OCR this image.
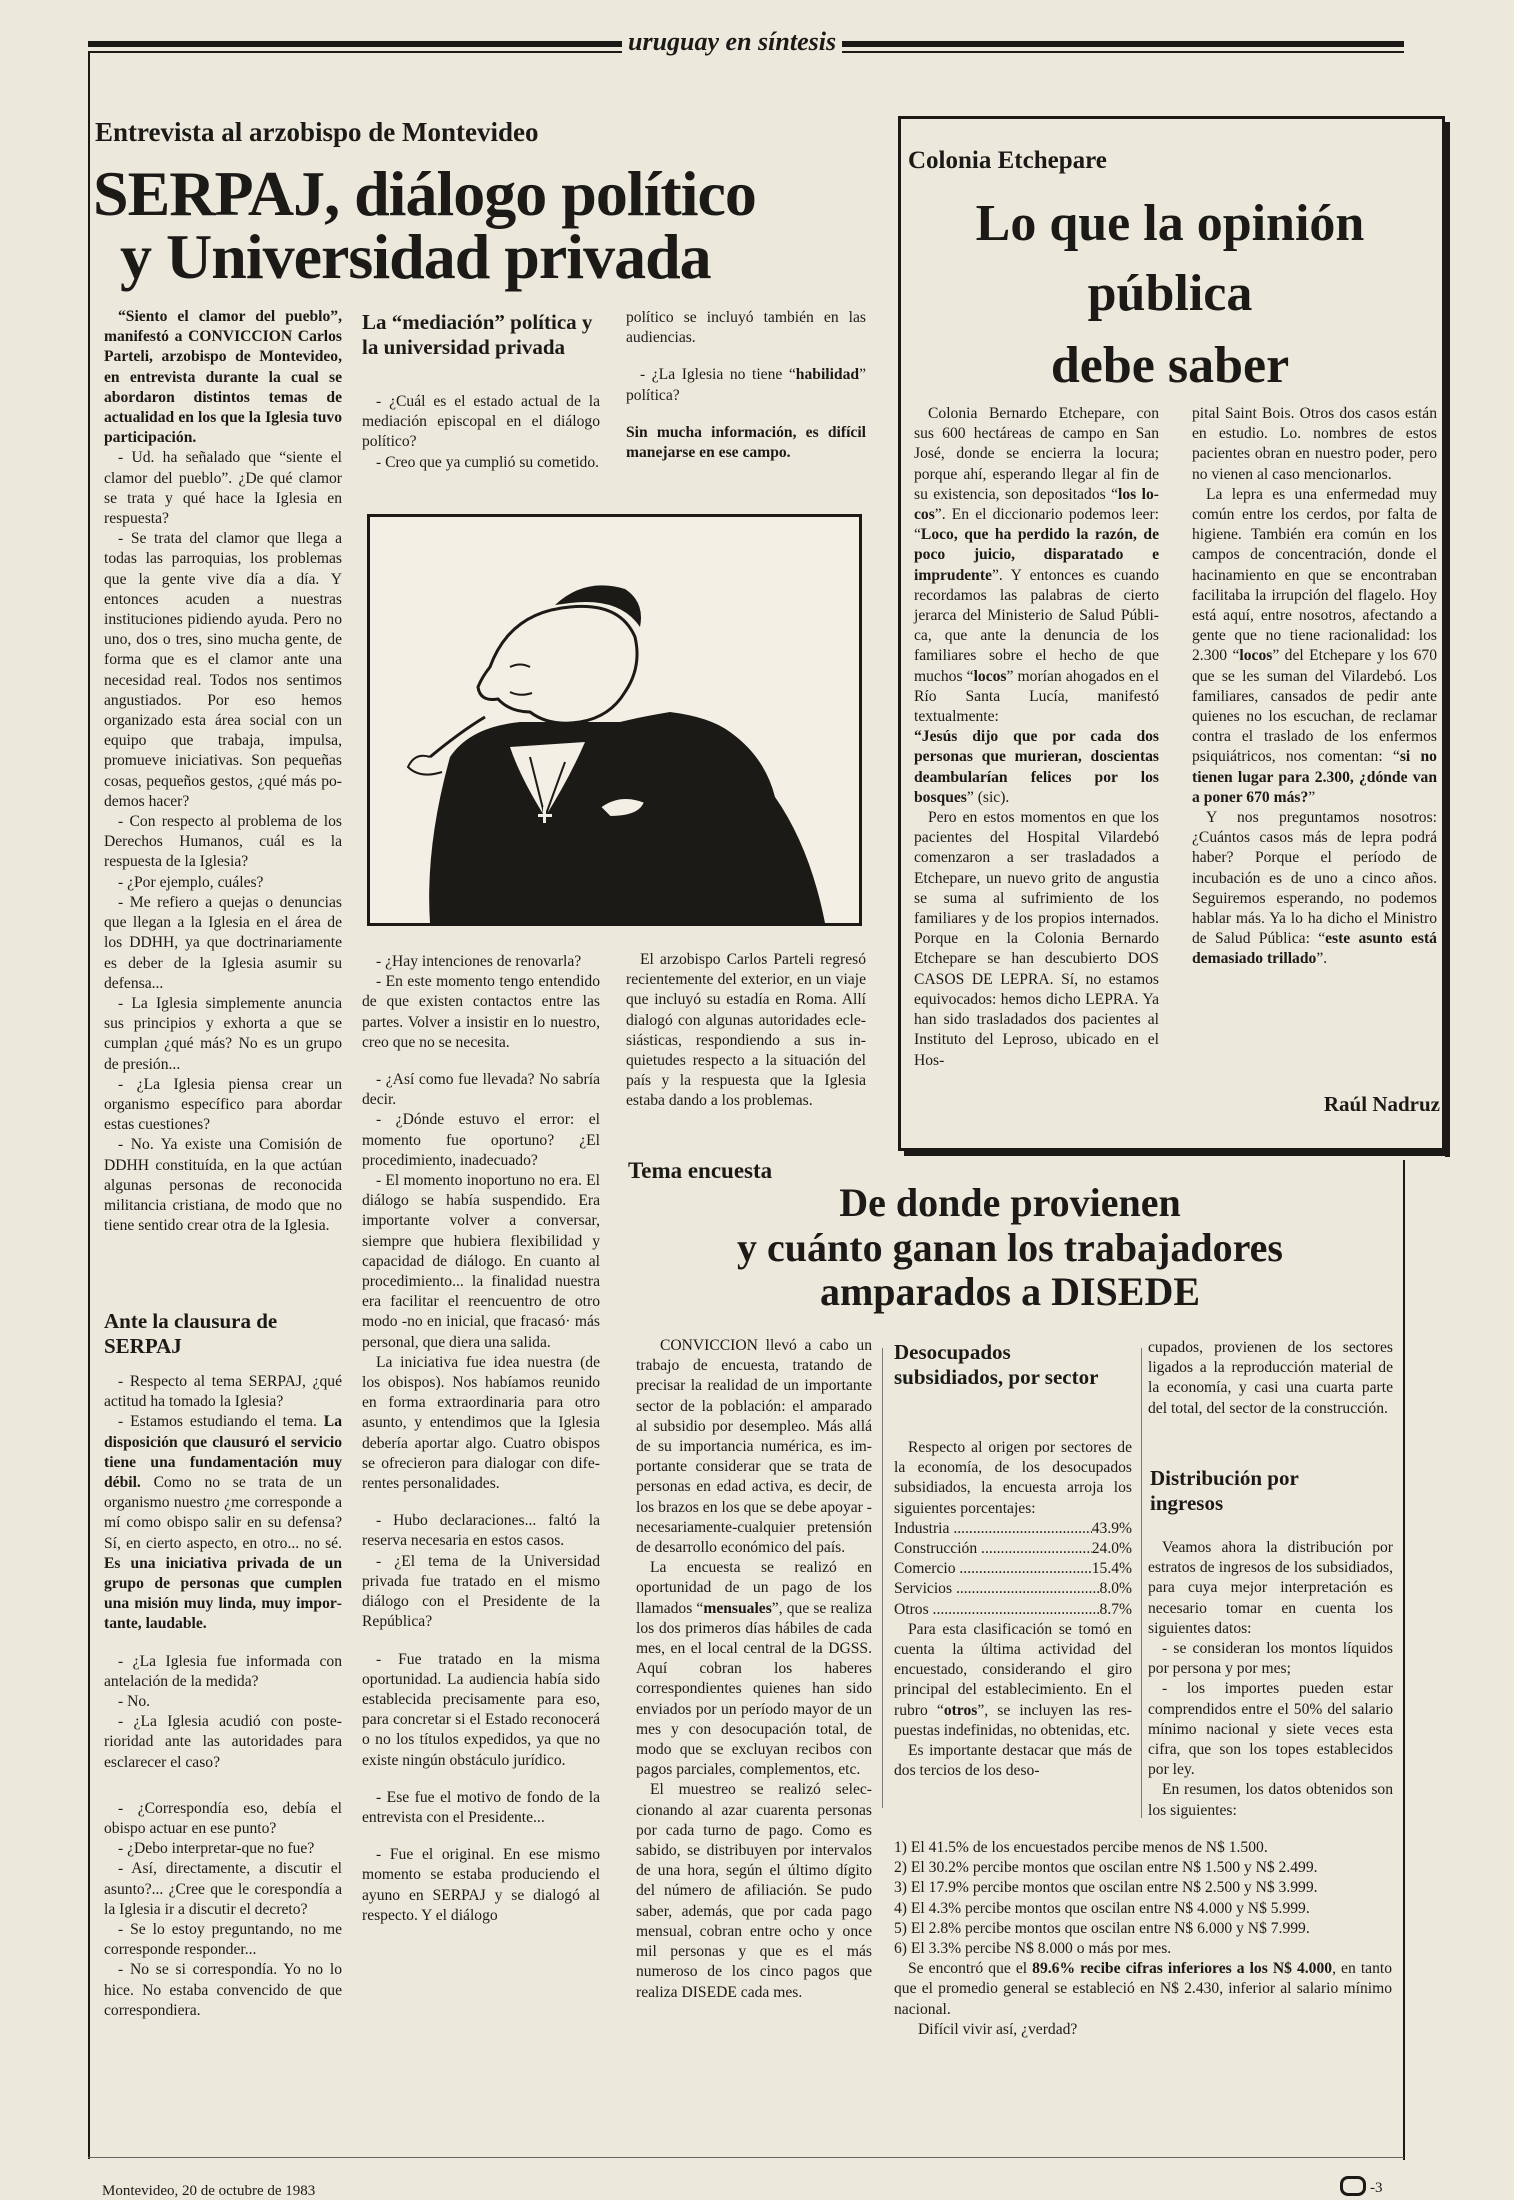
uruguay en síntesis
Entrevista al arzobispo de Montevideo
SERPAJ, diálogo político
y Universidad privada

“Siento el clamor del pueblo”, manifestó a CONVICCION Carlos Parteli, arzobispo de Montevideo, en entrevista durante la cual se abordaron distintos temas de actualidad en los que la Iglesia tuvo participación.

- Ud. ha señalado que “siente el clamor del pueblo”. ¿De qué clamor se trata y qué hace la Iglesia en respuesta?

- Se trata del clamor que llega a todas las parroquias, los problemas que la gente vive día a día. Y entonces acuden a nuestras instituciones pidiendo ayuda. Pero no uno, dos o tres, sino mucha gente, de forma que es el clamor ante una necesidad real. Todos nos sentimos angustiados. Por eso hemos organizado esta área social con un equipo que trabaja, impulsa, promueve iniciativas. Son pequeñas cosas, pequeños gestos, ¿qué más podemos hacer?

- Con respecto al problema de los Derechos Humanos, cuál es la respuesta de la Iglesia?

- ¿Por ejemplo, cuáles?

- Me refiero a quejas o denuncias que llegan a la Iglesia en el área de los DDHH, ya que doctrinariamente es deber de la Iglesia asumir su defensa...

- La Iglesia simplemente anuncia sus principios y exhorta a que se cumplan ¿qué más? No es un grupo de presión...

- ¿La Iglesia piensa crear un organismo específico para abordar estas cuestiones?

- No. Ya existe una Comisión de DDHH constituída, en la que actúan algunas personas de reconocida militancia cristiana, de modo que no tiene sentido crear otra de la Iglesia.

Ante la clausura de SERPAJ

- Respecto al tema SERPAJ, ¿qué actitud ha tomado la Iglesia?

- Estamos estudiando el tema. La disposición que clausuró el servicio tiene una fundamentación muy débil. Como no se trata de un organismo nuestro ¿me corresponde a mí como obispo salir en su defensa? Sí, en cierto aspecto, en otro... no sé. Es una iniciativa privada de un grupo de personas que cumplen una misión muy linda, muy importante, laudable.

- ¿La Iglesia fue informada con antelación de la medida?

- No.

- ¿La Iglesia acudió con posterioridad ante las autoridades para esclarecer el caso?

- ¿Correspondía eso, debía el obispo actuar en ese punto?

- ¿Debo interpretar-que no fue?

- Así, directamente, a discutir el asunto?... ¿Cree que le corespondía a la Iglesia ir a discutir el decreto?

- Se lo estoy preguntando, no me corresponde responder...

- No se si correspondía. Yo no lo hice. No estaba convencido de que correspondiera.

La “mediación” política y la universidad privada

- ¿Cuál es el estado actual de la mediación episcopal en el diálogo político?

- Creo que ya cumplió su cometido.

político se incluyó también en las audiencias.

- ¿La Iglesia no tiene “habilidad” política?

Sin mucha información, es difícil manejarse en ese campo.

- ¿Hay intenciones de renovarla?

- En este momento tengo entendido de que existen contactos entre las partes. Volver a insistir en lo nuestro, creo que no se necesita.

- ¿Así como fue llevada? No sabría decir.

- ¿Dónde estuvo el error: el momento fue oportuno? ¿El procedimiento, inadecuado?

- El momento inoportuno no era. El diálogo se había suspendido. Era importante volver a conversar, siempre que hubiera flexibilidad y capacidad de diálogo. En cuanto al procedimiento... la finalidad nuestra era facilitar el reencuentro de otro modo -no en inicial, que fracasó· más personal, que diera una salida.

La iniciativa fue idea nuestra (de los obispos). Nos habíamos reunido en forma extraordinaria para otro asunto, y entendimos que la Iglesia debería aportar algo. Cuatro obispos se ofrecieron para dialogar con diferentes personalidades.

- Hubo declaraciones... faltó la reserva necesaria en estos casos.

- ¿El tema de la Universidad privada fue tratado en el mismo diálogo con el Presidente de la República?

- Fue tratado en la misma oportunidad. La audiencia había sido establecida precisamente para eso, para concretar si el Estado reconocerá o no los títulos expedidos, ya que no existe ningún obstáculo jurídico.

- Ese fue el motivo de fondo de la entrevista con el Presidente...

- Fue el original. En ese mismo momento se estaba produciendo el ayuno en SERPAJ y se dialogó al respecto. Y el diálogo

El arzobispo Carlos Parteli regresó recientemente del exterior, en un viaje que incluyó su estadía en Roma. Allí dialogó con algunas autoridades eclesiásticas, respondiendo a sus inquietudes respecto a la situación del país y la respuesta que la Iglesia estaba dando a los problemas.

Colonia Etchepare
Lo que la opinión
pública
debe saber

Colonia Bernardo Etchepare, con sus 600 hectáreas de campo en San José, donde se encierra la locura; porque ahí, esperando llegar al fin de su existencia, son depositados “los locos”. En el diccionario podemos leer: “Loco, que ha perdido la razón, de poco juicio, disparatado e imprudente”. Y entonces es cuando recordamos las palabras de cierto jerarca del Ministerio de Salud Pública, que ante la denuncia de los familiares sobre el hecho de que muchos “locos” morían ahogados en el Río Santa Lucía, manifestó textualmente:

“Jesús dijo que por cada dos personas que murieran, doscientas deambularían felices por los bosques” (sic).

Pero en estos momentos en que los pacientes del Hospital Vilardebó comenzaron a ser trasladados a Etchepare, un nuevo grito de angustia se suma al sufrimiento de los familiares y de los propios internados. Porque en la Colonia Bernardo Etchepare se han descubierto DOS CASOS DE LEPRA. Sí, no estamos equivocados: hemos dicho LEPRA. Ya han sido trasladados dos pacientes al Instituto del Leproso, ubicado en el Hos-

pital Saint Bois. Otros dos casos están en estudio. Lo. nombres de estos pacientes obran en nuestro poder, pero no vienen al caso mencionarlos.

La lepra es una enfermedad muy común entre los cerdos, por falta de higiene. También era común en los campos de concentración, donde el hacinamiento en que se encontraban facilitaba la irrupción del flagelo. Hoy está aquí, entre nosotros, afectando a gente que no tiene racionalidad: los 2.300 “locos” del Etchepare y los 670 que se les suman del Vilardebó. Los familiares, cansados de pedir ante quienes no los escuchan, de reclamar contra el traslado de los enfermos psiquiátricos, nos comentan: “si no tienen lugar para 2.300, ¿dónde van a poner 670 más?”

Y nos preguntamos nosotros: ¿Cuántos casos más de lepra podrá haber? Porque el período de incubación es de uno a cinco años. Seguiremos esperando, no podemos hablar más. Ya lo ha dicho el Ministro de Salud Pública: “este asunto está demasiado trillado”.

Raúl Nadruz
Tema encuesta
De donde provienen
y cuánto ganan los trabajadores
amparados a DISEDE

CONVICCION llevó a cabo un trabajo de encuesta, tratando de precisar la realidad de un importante sector de la población: el amparado al subsidio por desempleo. Más allá de su importancia numérica, es importante considerar que se trata de personas en edad activa, es decir, de los brazos en los que se debe apoyar -necesariamente-cualquier pretensión de desarrollo económico del país.

La encuesta se realizó en oportunidad de un pago de los llamados “mensuales”, que se realiza los dos primeros días hábiles de cada mes, en el local central de la DGSS. Aquí cobran los haberes correspondientes quienes han sido enviados por un período mayor de un mes y con desocupación total, de modo que se excluyan recibos con pagos parciales, complementos, etc.

El muestreo se realizó seleccionando al azar cuarenta personas por cada turno de pago. Como es sabido, se distribuyen por intervalos de una hora, según el último dígito del número de afiliación. Se pudo saber, además, que por cada pago mensual, cobran entre ocho y once mil personas y que es el más numeroso de los cinco pagos que realiza DISEDE cada mes.

Desocupados subsidiados, por sector

Respecto al origen por sectores de la economía, de los desocupados subsidiados, la encuesta arroja los siguientes porcentajes:

Industria .....	43.9%
Construcción .....	24.0%
Comercio .....	15.4%
Servicios .....	8.0%
Otros .....	8.7%

Para esta clasificación se tomó en cuenta la última actividad del encuestado, considerando el giro principal del establecimiento. En el rubro “otros”, se incluyen las respuestas indefinidas, no obtenidas, etc.

Es importante destacar que más de dos tercios de los deso-

cupados, provienen de los sectores ligados a la reproducción material de la economía, y casi una cuarta parte del total, del sector de la construcción.

Distribución por ingresos

Veamos ahora la distribución por estratos de ingresos de los subsidiados, para cuya mejor interpretación es necesario tomar en cuenta los siguientes datos:

- se consideran los montos líquidos por persona y por mes;

- los importes pueden estar comprendidos entre el 50% del salario mínimo nacional y siete veces esta cifra, que son los topes establecidos por ley.

En resumen, los datos obtenidos son los siguientes:

1) El 41.5% de los encuestados percibe menos de N$ 1.500.

2) El 30.2% percibe montos que oscilan entre N$ 1.500 y N$ 2.499.

3) El 17.9% percibe montos que oscilan entre N$ 2.500 y N$ 3.999.

4) El 4.3% percibe montos que oscilan entre N$ 4.000 y N$ 5.999.

5) El 2.8% percibe montos que oscilan entre N$ 6.000 y N$ 7.999.

6) El 3.3% percibe N$ 8.000 o más por mes.

Se encontró que el 89.6% recibe cifras inferiores a los N$ 4.000, en tanto que el promedio general se estableció en N$ 2.430, inferior al salario mínimo nacional.

Difícil vivir así, ¿verdad?

Montevideo, 20 de octubre de 1983	-3
